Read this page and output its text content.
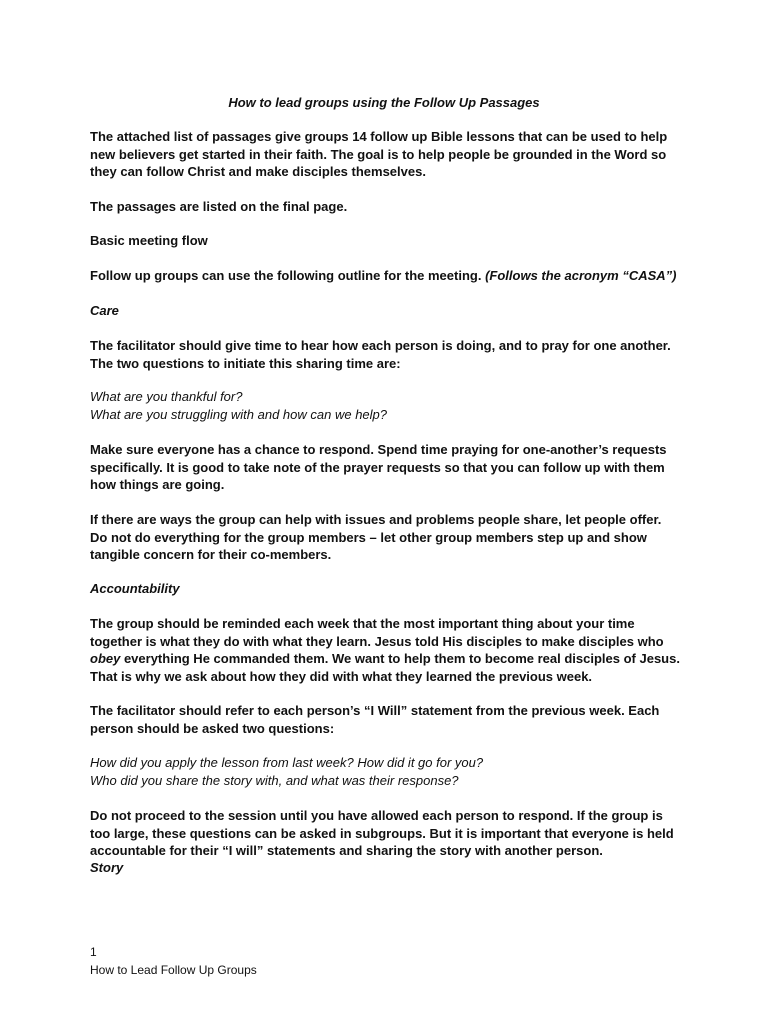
How to lead groups using the Follow Up Passages
The attached list of passages give groups 14 follow up Bible lessons that can be used to help new believers get started in their faith. The goal is to help people be grounded in the Word so they can follow Christ and make disciples themselves.
The passages are listed on the final page.
Basic meeting flow
Follow up groups can use the following outline for the meeting. (Follows the acronym “CASA”)
Care
The facilitator should give time to hear how each person is doing, and to pray for one another. The two questions to initiate this sharing time are:
What are you thankful for?
What are you struggling with and how can we help?
Make sure everyone has a chance to respond. Spend time praying for one-another’s requests specifically. It is good to take note of the prayer requests so that you can follow up with them how things are going.
If there are ways the group can help with issues and problems people share, let people offer. Do not do everything for the group members – let other group members step up and show tangible concern for their co-members.
Accountability
The group should be reminded each week that the most important thing about your time together is what they do with what they learn. Jesus told His disciples to make disciples who obey everything He commanded them. We want to help them to become real disciples of Jesus. That is why we ask about how they did with what they learned the previous week.
The facilitator should refer to each person’s “I Will” statement from the previous week. Each person should be asked two questions:
How did you apply the lesson from last week? How did it go for you?
Who did you share the story with, and what was their response?
Do not proceed to the session until you have allowed each person to respond. If the group is too large, these questions can be asked in subgroups. But it is important that everyone is held accountable for their “I will” statements and sharing the story with another person.
Story
1
How to Lead Follow Up Groups
